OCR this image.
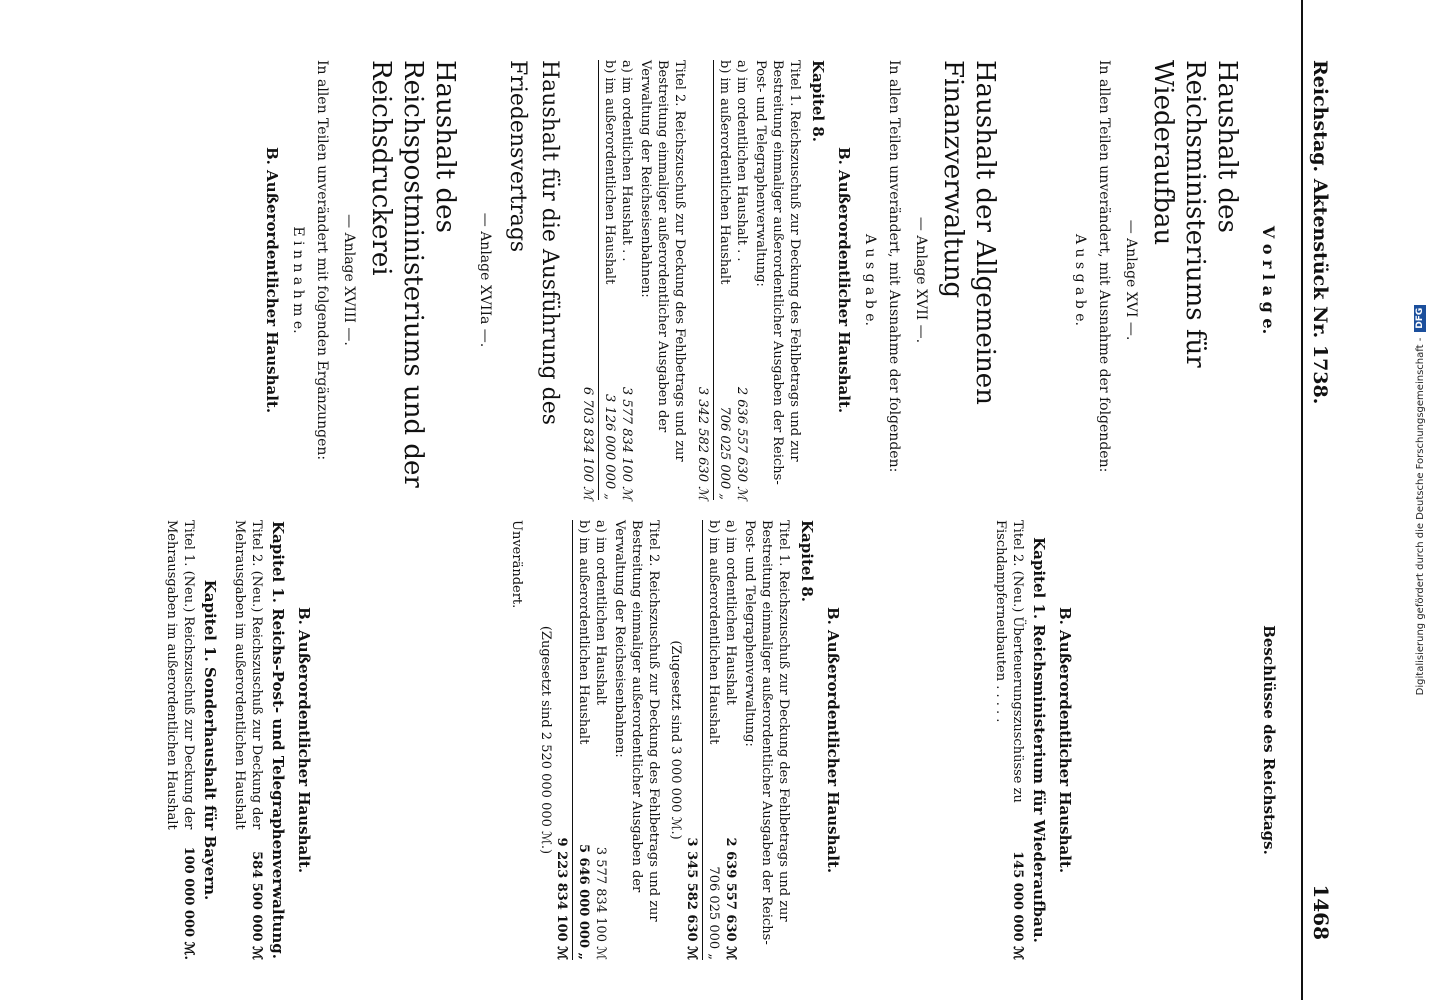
Digitalisierung gefördert durch die Deutsche Forschungsgemeinschaft -
DFG
Reichstag. Aktenstück Nr. 1738.
1468
V o r l a g e.
Haushalt des Reichsministeriums für Wiederaufbau
— Anlage XVI —.
In allen Teilen unverändert, mit Ausnahme der folgenden:
A u s g a b e.
Haushalt der Allgemeinen Finanzverwaltung
— Anlage XVII —.
In allen Teilen unverändert, mit Ausnahme der folgenden:
A u s g a b e.
B. Außerordentlicher Haushalt.
Kapitel 8.
Titel 1. Reichszuschuß zur Deckung des Fehlbetrags und zur Bestreitung einmaliger außerordentlicher Ausgaben der Reichs-Post- und Telegraphenverwaltung:
a) im ordentlichen Haushalt . .
2 636 557 630 ℳ
b) im außerordentlichen Haushalt
706 025 000 „
3 342 582 630 ℳ
Titel 2. Reichszuschuß zur Deckung des Fehlbetrags und zur Bestreitung einmaliger außerordentlicher Ausgaben der Verwaltung der Reichseisenbahnen:
a) im ordentlichen Haushalt . .
3 577 834 100 ℳ
b) im außerordentlichen Haushalt
3 126 000 000 „
6 703 834 100 ℳ
Haushalt für die Ausführung des Friedensvertrags
— Anlage XVIIa —.
Haushalt des Reichspostministeriums und der Reichsdruckerei
— Anlage XVIII —.
In allen Teilen unverändert mit folgenden Ergänzungen:
E i n n a h m e.
B. Außerordentlicher Haushalt.
Beschlüsse des Reichstags.
B. Außerordentlicher Haushalt.
Kapitel 1. Reichsministerium für Wiederaufbau.
Titel 2. (Neu.) Überteuerungszuschüsse zu Fischdampferneubauten . . . . .
145 000 000 ℳ
B. Außerordentlicher Haushalt.
Kapitel 8.
Titel 1. Reichszuschuß zur Deckung des Fehlbetrags und zur Bestreitung einmaliger außerordentlicher Ausgaben der Reichs-Post- und Telegraphenverwaltung:
a) im ordentlichen Haushalt
2 639 557 630 ℳ
b) im außerordentlichen Haushalt
706 025 000 „
3 345 582 630 ℳ
(Zugesetzt sind 3 000 000 ℳ.)
Titel 2. Reichszuschuß zur Deckung des Fehlbetrags und zur Bestreitung einmaliger außerordentlicher Ausgaben der Verwaltung der Reichseisenbahnen:
a) im ordentlichen Haushalt
3 577 834 100 ℳ
b) im außerordentlichen Haushalt
5 646 000 000 „
9 223 834 100 ℳ
(Zugesetzt sind 2 520 000 000 ℳ.)
Unverändert.
B. Außerordentlicher Haushalt.
Kapitel 1. Reichs-Post- und Telegraphenverwaltung.
Titel 2. (Neu.) Reichszuschuß zur Deckung der Mehrausgaben im außerordentlichen Haushalt
584 500 000 ℳ
Kapitel 1. Sonderhaushalt für Bayern.
Titel 1. (Neu.) Reichszuschuß zur Deckung der Mehrausgaben im außerordentlichen Haushalt
100 000 000 ℳ.
